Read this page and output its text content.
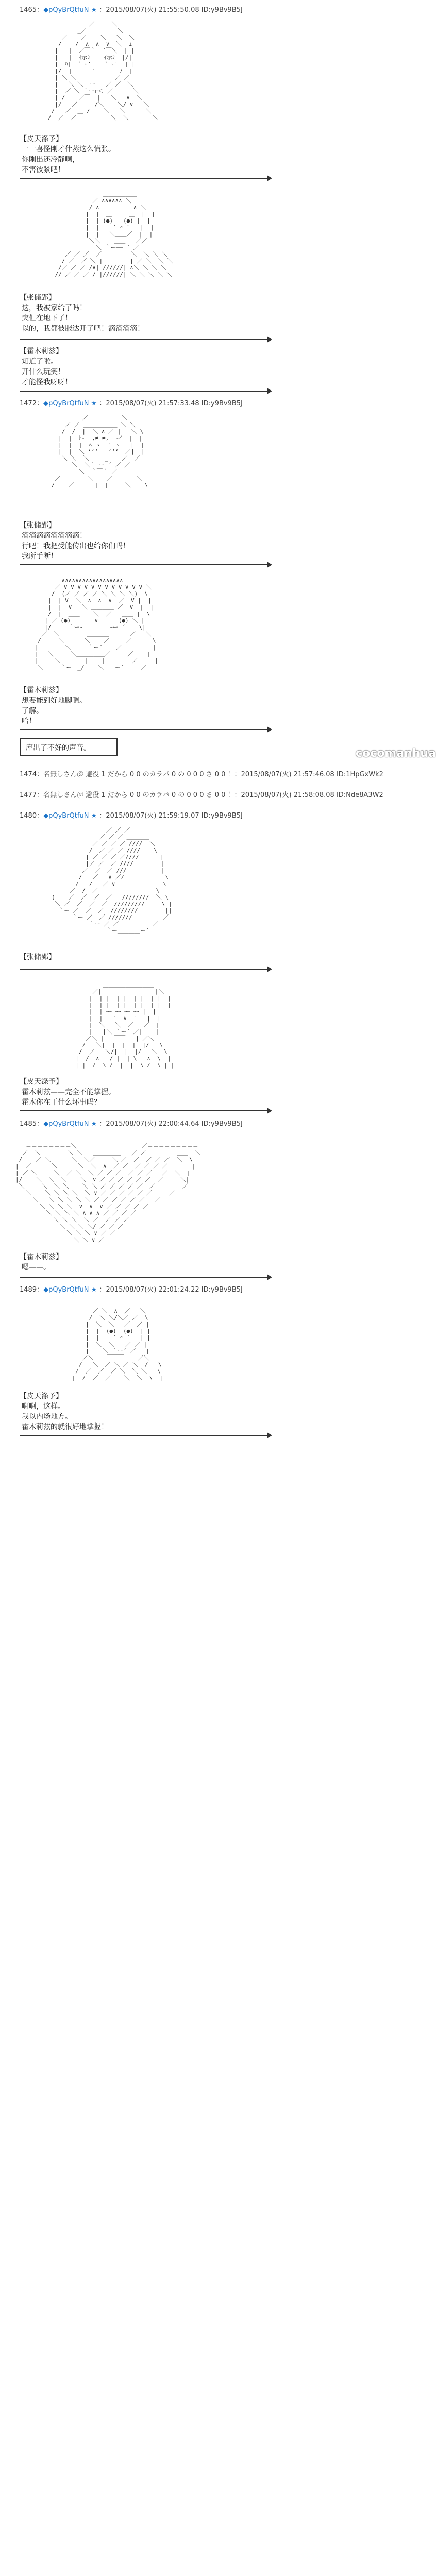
1465：◆pQyBrQtfuN ★ ：2015/08/07(火) 21:55:50.08 ID:y9Bv9B5J
／￣￣￣＼
＿_／  ＿＿＿  ＼
／    ／    ＼   ＼  ＼
/    /  ∧  ∧  ∨  ＼  i
|   |  ／￣｀  ´￣＼  | |
|   |  ｲ示ﾐ    ｲ示ﾐ  |/|
|  ﾊ|  ` ｰ'    ` ｰ'  | |
|/  |      ′       ﾉ  |
| ＼ ＼    ＿＿    ／ ／
|   ＼ ＼  ー   ／ ／  ＼
|  ／ ＼ ｀ーr＜ ／      ＼
| /    ／￣  |   ＼   ∧  ＼
|/   ／     /＼    ＼/ ∨   ＼
/   ／  ＿_/    ＼   ＼      ＼
/  ／  ／          ＼  ＼       ＼
【皮天涤予】
一一喜怪刚才什蒸这么慌张。
你刚出还冷静啊，
不害彼紧吧！
＿＿＿＿＿＿
／ ∧∧∧∧∧∧ ＼
/ ∧          ∧ ＼
|  |  ＿     ＿  |  |
|  | (●)   (●) |  |
|  |    ′ ⌒ `   |  |
|  |   ＼＿＿／  |  |
＼＼    ＿＿   ／／
＿＿＿  ＼ ｀ー── ´ ／＿＿＿
／ ／ ／  ／ ＿＿＿＿ ＼  ＼ ＼ ＼
/ ／  ／ ＼ |        | ／ ＼  ＼ ＼
/／ ／ ／ /∧| //////| ∧＼ ＼ ＼ ＼
// ／ ／ ／ / |//////| ＼ ＼ ＼ ＼ ＼
【张储郢】
这，我被家给了吗！
突但在地下了！
以的，我都被服达开了吧！滴滴滴滴！
【霍木莉兹】
知道了啦。
开什么玩笑！
才能怪我呀呀！
1472：◆pQyBrQtfuN ★ ：2015/08/07(火) 21:57:33.48 ID:y9Bv9B5J
／￣￣￣￣￣￣＼
／ ／ ＿＿＿＿＿＿ ＼ ＼
/  /  |  ＼ ∧ ／ |   ＼ \
|  |  ﾄ-  ,≠ ≠,  -ｲ  |  |
|  |  |  ﾍ ヽ  ′ ヽ   |  |
|  |  ＼ ‘‘‘   ‘‘‘  ／|  |
＼ ＼  ＼   ＿_    ／  ／
＼  ＼｀ ー ´ ／ ／
＿＿＿＼  ｀￣｀ ／＿＿
／        ＼    ／       ＼
/    ／      |  |     ＼    \
【张储郢】
滴滴滴滴滴滴滴滴！
行吧！我把受能传出也给你们吗！
我所手断！
∧∧∧∧∧∧∧∧∧∧∧∧∧∧∧∧∧∧
／ V V V V V V V V V V V V ＼
/  (／ ／ ／ ／ ＼ ＼ ＼ ＼)  \
|  | V  ＼  ∧  ∧  ∧  ／  V |  |
|  |  V   ＼ ＿＿＿＿ ／  V  |  |
/  |  ＿＿    ＼  ／   ＿＿ |  \
| ／ (●)       ∨      (●) ＼ |
|/     ｀ーｰ        ｰー ´    \|
／  ＼        ＿＿＿＿      ／   ＼
/     ＼      ＼    ／     ／      \
|        ＼     ｀ー´    ／         |
|   ＼     ＼＿＿＿＿＿／     ／    |
|     ＼       |    |        ／     |
＼     ｀ー＿_/    ＼＿＿ー´     ／
【霍木莉兹】
想要能到好地脚嗯。
了解。
哈！
库出了不好的声音。
1474：名無しさん＠ 避役 1 だから 0 0 のカラパ 0 の 0 0 0 さ 0 0 ！：2015/08/07(火) 21:57:46.08 ID:1HpGxWk2
1477：名無しさん＠ 避役 1 だから 0 0 のカラパ 0 の 0 0 0 さ 0 0 ！：2015/08/07(火) 21:58:08.08 ID:Nde8A3W2
1480：◆pQyBrQtfuN ★ ：2015/08/07(火) 21:59:19.07 ID:y9Bv9B5J
／ ／ ／
／ ／ ／ ＿＿＿＿
／ ／ ／ ／ ////  ＼
/  ／ ／ ／ ////    \
| ／ ／ ／ ／////      |
|／ ／  ／ ////        |
／  ／  ／ ///          |
/   ／   ∧ ／/            \
/   /   ／ ∨              \
＿＿ ／  /  ／     ＿＿＿＿＿＿  \
(    ／  ／  ／  ／   ////////  ＼ \
＼ ／  ／  ／  ／  /////////     \ |
｀ー ／  ／  ／  ////////        ||
｀ー ／  ／ ///////         ／
｀ー ／ ／          ／
｀ー＿＿＿＿ー´
【张储郢】
＿＿＿＿＿＿＿＿＿
／|  ＿  ＿  ＿  ＿ |＼
|  | |  | |  | |  | |  |
|  | |  | |  | |  | |  |
|  | ｰｰ ｰｰ ｰｰ ｰｰ |  |
|  |   ′  ∧  ′   |  |
|  ＼   ＼  ／   ／  |
|   |＼ ｀ー´ ／|    |
／＼ |   ￣￣   | ／＼
/   ＼|  |  |  |  |/   \
/  ／   ＼/|  |  |/   ＼  \
|  /  ∧   / |  | \   ∧  \  |
| |  /  \ /  |  |  \ /  \ | |
【皮天涤予】
霍木莉兹——完全不能掌握。
霍木你在干什么坏事吗？
1485：◆pQyBrQtfuN ★ ：2015/08/07(火) 22:00:44.64 ID:y9Bv9B5J
＿＿＿＿＿＿＿＿                       ＿＿＿＿＿＿＿＿
＝＝＝＝＝＝＝＝＼                   ／＝＝＝＝＝＝＝＝＝
／  ＼        ＼ ＼   ＿＿＿＿＿   ／ ／         ＿＿  ＼
/    ／ ＼      ＼  ＼／     ＼ ／  ／  ／ ／ ／  ＼  \
|  ／      ＼      ＼  ＼  ∧  ／ ／  ／ ／ ／ ／       |
| ／ ＼     ＼  ／ ＼  ＼ ／ ／ ／  ／ ／ ／   ／  ＼  |
|/    ＼  ＼  ＼    ＼  ∨ ／ ／ ／ ／ ／ ／  ／     ＼|
＼     ＼  ＼ ＼    ＼ ＼ ／ ／ ／ ／ ／  ／        ／
＼    ＼ ＼ ＼ ＼  ＼ ∨ ／ ／ ／ ／ ／ ／     ／
＼   ＼ ＼ ＼ ＼ ＼ ／ ／ ／ ／ ／ ／   ／
＼ ＼ ＼ ＼  ∨  ∨  ∨ ／ ／ ／ ／ ／
＼ ＼ ＼ ＼ ∧ ∧ ∧ ／ ／ ／ ／
＼ ＼ ＼  ＼ ／  ／ ／ ／
＼ ＼ ＼ ＼/ ／ ／ ／
＼ ＼ ＼ ∨ ／ ／
＼ ＼ ∨ ／
【霍木莉兹】
嗯——。
1489：◆pQyBrQtfuN ★ ：2015/08/07(火) 22:01:24.22 ID:y9Bv9B5J
＿＿＿＿＿＿＿
／ ＼  ∧  ／   ＼
/  ＼ ＼/＼／ ／  \
|  ＼  ＼   ／  ／ |
|  |  (●)  (●)  | |
|  |    ′ ⌒ ′   | |
|  ＼  ＼＿＿／ ／ |
|    ＼ ｀ー´ ／   |
／＼    ￣￣￣    ／＼
/   ＼  ／ ＼ ／ ＼  /   \
/  ／  ／  ／ ＼  ＼ ＼   \
|  /  ／  ／    ＼  ＼  \  |
【皮天涤予】
啊啊，这样。
我以内场地方。
霍木莉兹的就很好地掌握！
cocomanhua
